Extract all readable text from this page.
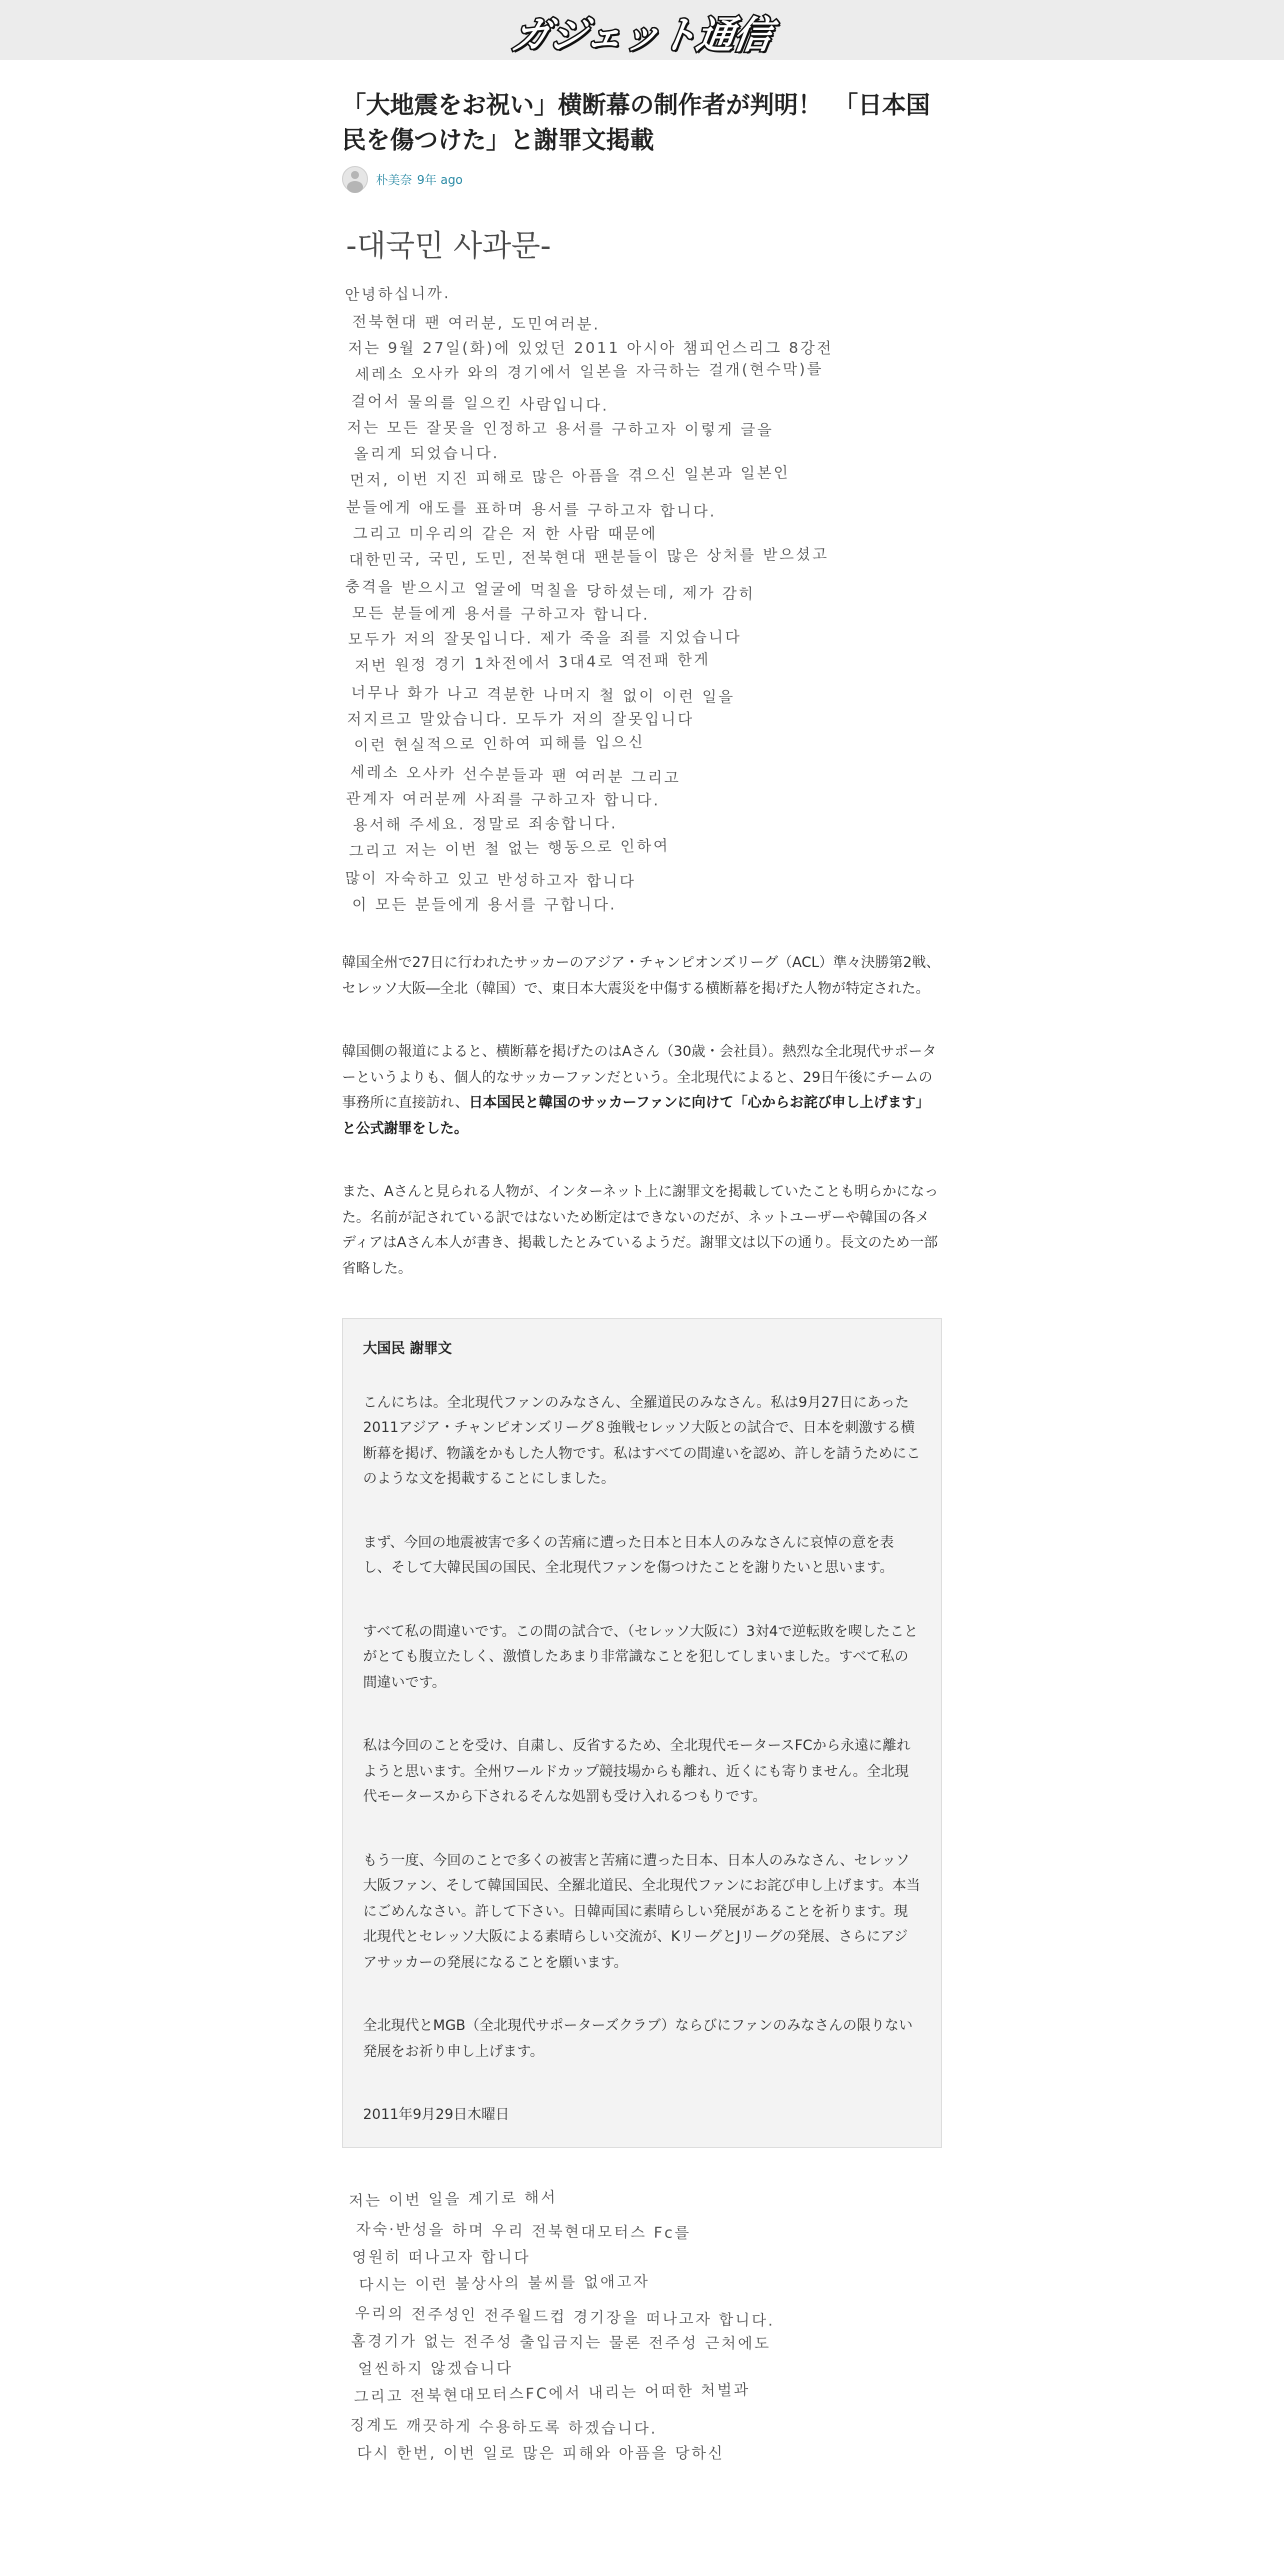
ガジェット通信
「大地震をお祝い」横断幕の制作者が判明！　「日本国民を傷つけた」と謝罪文掲載
朴美奈 9年 ago
-대국민 사과문-
안녕하십니까.
전북현대 팬 여러분, 도민여러분.
저는 9월 27일(화)에 있었던 2011 아시아 챔피언스리그 8강전
세레소 오사카 와의 경기에서 일본을 자극하는 걸개(현수막)를
걸어서 물의를 일으킨 사람입니다.
저는 모든 잘못을 인정하고 용서를 구하고자 이렇게 글을
올리게 되었습니다.
먼저, 이번 지진 피해로 많은 아픔을 겪으신 일본과 일본인
분들에게 애도를 표하며 용서를 구하고자 합니다.
그리고 미우리의 같은 저 한 사람 때문에
대한민국, 국민, 도민, 전북현대 팬분들이 많은 상처를 받으셨고
충격을 받으시고 얼굴에 먹칠을 당하셨는데, 제가 감히
모든 분들에게 용서를 구하고자 합니다.
모두가 저의 잘못입니다. 제가 죽을 죄를 지었습니다
저번 원정 경기 1차전에서 3대4로 역전패 한게
너무나 화가 나고 격분한 나머지 철 없이 이런 일을
저지르고 말았습니다. 모두가 저의 잘못입니다
이런 현실적으로 인하여 피해를 입으신
세레소 오사카 선수분들과 팬 여러분 그리고
관계자 여러분께 사죄를 구하고자 합니다.
용서해 주세요. 정말로 죄송합니다.
그리고 저는 이번 철 없는 행동으로 인하여
많이 자숙하고 있고 반성하고자 합니다
이 모든 분들에게 용서를 구합니다.

韓国全州で27日に行われたサッカーのアジア・チャンピオンズリーグ（ACL）準々決勝第2戦、セレッソ大阪―全北（韓国）で、東日本大震災を中傷する横断幕を掲げた人物が特定された。

韓国側の報道によると、横断幕を掲げたのはAさん（30歳・会社員）。熱烈な全北現代サポーターというよりも、個人的なサッカーファンだという。全北現代によると、29日午後にチームの事務所に直接訪れ、日本国民と韓国のサッカーファンに向けて「心からお詫び申し上げます」と公式謝罪をした。

また、Aさんと見られる人物が、インターネット上に謝罪文を掲載していたことも明らかになった。名前が記されている訳ではないため断定はできないのだが、ネットユーザーや韓国の各メディアはAさん本人が書き、掲載したとみているようだ。謝罪文は以下の通り。長文のため一部省略した。

大国民 謝罪文

こんにちは。全北現代ファンのみなさん、全羅道民のみなさん。私は9月27日にあった2011アジア・チャンピオンズリーグ８強戦セレッソ大阪との試合で、日本を刺激する横断幕を掲げ、物議をかもした人物です。私はすべての間違いを認め、許しを請うためにこのような文を掲載することにしました。

まず、今回の地震被害で多くの苦痛に遭った日本と日本人のみなさんに哀悼の意を表し、そして大韓民国の国民、全北現代ファンを傷つけたことを謝りたいと思います。

すべて私の間違いです。この間の試合で、（セレッソ大阪に）3対4で逆転敗を喫したことがとても腹立たしく、激憤したあまり非常識なことを犯してしまいました。すべて私の間違いです。

私は今回のことを受け、自粛し、反省するため、全北現代モータースFCから永遠に離れようと思います。全州ワールドカップ競技場からも離れ、近くにも寄りません。全北現代モータースから下されるそんな処罰も受け入れるつもりです。

もう一度、今回のことで多くの被害と苦痛に遭った日本、日本人のみなさん、セレッソ大阪ファン、そして韓国国民、全羅北道民、全北現代ファンにお詫び申し上げます。本当にごめんなさい。許して下さい。日韓両国に素晴らしい発展があることを祈ります。現北現代とセレッソ大阪による素晴らしい交流が、KリーグとJリーグの発展、さらにアジアサッカーの発展になることを願います。

全北現代とMGB（全北現代サポーターズクラブ）ならびにファンのみなさんの限りない発展をお祈り申し上げます。

2011年9月29日木曜日

저는 이번 일을 계기로 해서
자숙·반성을 하며 우리 전북현대모터스 Fc를
영원히 떠나고자 합니다
다시는 이런 불상사의 불씨를 없애고자
우리의 전주성인 전주월드컵 경기장을 떠나고자 합니다.
홈경기가 없는 전주성 출입금지는 물론 전주성 근처에도
얼씬하지 않겠습니다
그리고 전북현대모터스FC에서 내리는 어떠한 처벌과
징계도 깨끗하게 수용하도록 하겠습니다.
다시 한번, 이번 일로 많은 피해와 아픔을 당하신
